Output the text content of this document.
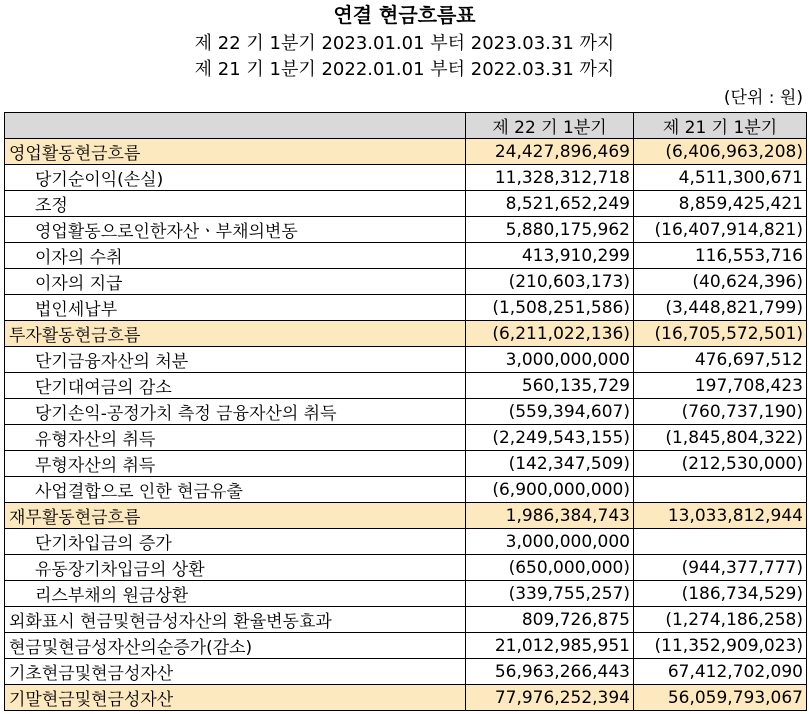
연결 현금흐름표
제 22 기 1분기 2023.01.01 부터 2023.03.31 까지
제 21 기 1분기 2022.01.01 부터 2022.03.31 까지
(단위 : 원)
	제 22 기 1분기	제 21 기 1분기
영업활동현금흐름	24,427,896,469	(6,406,963,208)
당기순이익(손실)	11,328,312,718	4,511,300,671
조정	8,521,652,249	8,859,425,421
영업활동으로인한자산ㆍ부채의변동	5,880,175,962	(16,407,914,821)
이자의 수취	413,910,299	116,553,716
이자의 지급	(210,603,173)	(40,624,396)
법인세납부	(1,508,251,586)	(3,448,821,799)
투자활동현금흐름	(6,211,022,136)	(16,705,572,501)
단기금융자산의 처분	3,000,000,000	476,697,512
단기대여금의 감소	560,135,729	197,708,423
당기손익-공정가치 측정 금융자산의 취득	(559,394,607)	(760,737,190)
유형자산의 취득	(2,249,543,155)	(1,845,804,322)
무형자산의 취득	(142,347,509)	(212,530,000)
사업결합으로 인한 현금유출	(6,900,000,000)	
재무활동현금흐름	1,986,384,743	13,033,812,944
단기차입금의 증가	3,000,000,000	
유동장기차입금의 상환	(650,000,000)	(944,377,777)
리스부채의 원금상환	(339,755,257)	(186,734,529)
외화표시 현금및현금성자산의 환율변동효과	809,726,875	(1,274,186,258)
현금및현금성자산의순증가(감소)	21,012,985,951	(11,352,909,023)
기초현금및현금성자산	56,963,266,443	67,412,702,090
기말현금및현금성자산	77,976,252,394	56,059,793,067
